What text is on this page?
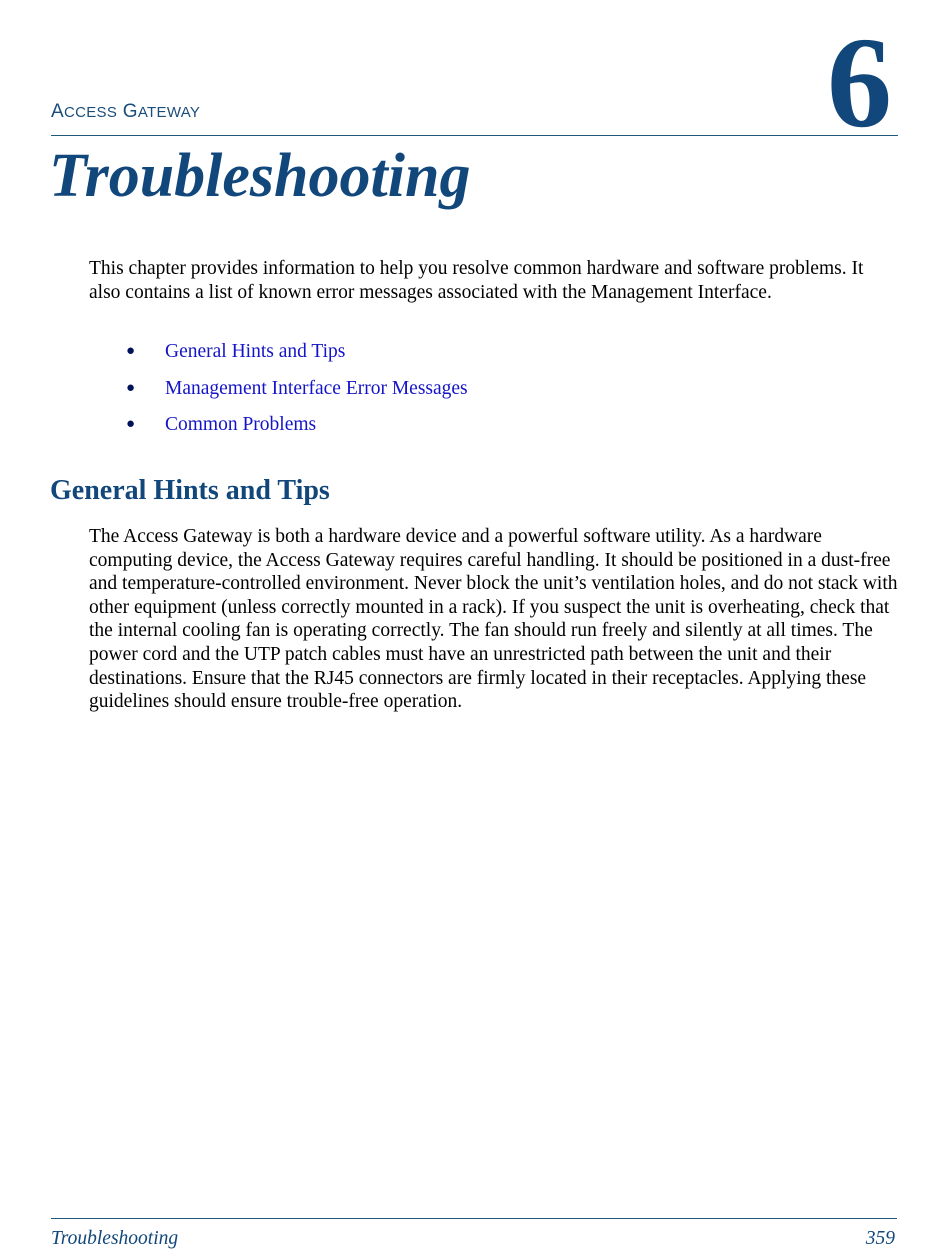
ACCESS GATEWAY	6
Troubleshooting

This chapter provides information to help you resolve common hardware and software problems. It also contains a list of known error messages associated with the Management Interface.

● General Hints and Tips
● Management Interface Error Messages
● Common Problems
General Hints and Tips

The Access Gateway is both a hardware device and a powerful software utility. As a hardware computing device, the Access Gateway requires careful handling. It should be positioned in a dust-free and temperature-controlled environment. Never block the unit’s ventilation holes, and do not stack with other equipment (unless correctly mounted in a rack). If you suspect the unit is overheating, check that the internal cooling fan is operating correctly. The fan should run freely and silently at all times. The power cord and the UTP patch cables must have an unrestricted path between the unit and their destinations. Ensure that the RJ45 connectors are firmly located in their receptacles. Applying these guidelines should ensure trouble-free operation.

Troubleshooting	359
